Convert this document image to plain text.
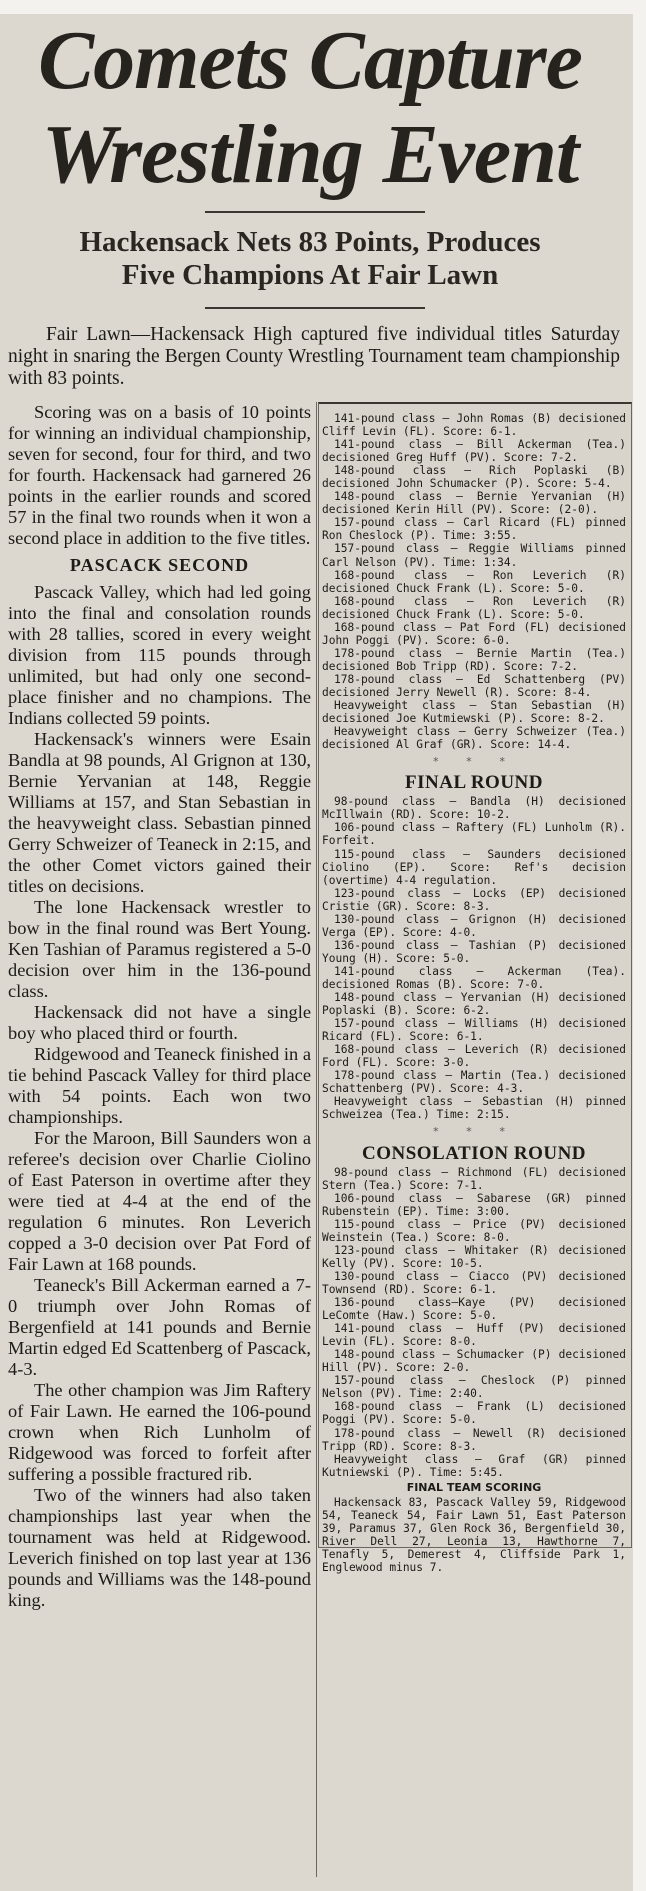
Comets Capture
Wrestling Event
Hackensack Nets 83 Points, Produces
Five Champions At Fair Lawn

Fair Lawn—Hackensack High captured five individual titles Saturday night in snaring the Bergen County Wrestling Tournament team championship with 83 points.

Scoring was on a basis of 10 points for winning an individual championship, seven for second, four for third, and two for fourth. Hackensack had garnered 26 points in the earlier rounds and scored 57 in the final two rounds when it won a second place in addition to the five titles.

PASCACK SECOND

Pascack Valley, which had led going into the final and consolation rounds with 28 tallies, scored in every weight division from 115 pounds through unlimited, but had only one second-place finisher and no champions. The Indians collected 59 points.

Hackensack's winners were Esain Bandla at 98 pounds, Al Grignon at 130, Bernie Yervanian at 148, Reggie Williams at 157, and Stan Sebastian in the heavyweight class. Sebastian pinned Gerry Schweizer of Teaneck in 2:15, and the other Comet victors gained their titles on decisions.

The lone Hackensack wrestler to bow in the final round was Bert Young. Ken Tashian of Paramus registered a 5-0 decision over him in the 136-pound class.

Hackensack did not have a single boy who placed third or fourth.

Ridgewood and Teaneck finished in a tie behind Pascack Valley for third place with 54 points. Each won two championships.

For the Maroon, Bill Saunders won a referee's decision over Charlie Ciolino of East Paterson in overtime after they were tied at 4-4 at the end of the regulation 6 minutes. Ron Leverich copped a 3-0 decision over Pat Ford of Fair Lawn at 168 pounds.

Teaneck's Bill Ackerman earned a 7-0 triumph over John Romas of Bergenfield at 141 pounds and Bernie Martin edged Ed Scattenberg of Pascack, 4-3.

The other champion was Jim Raftery of Fair Lawn. He earned the 106-pound crown when Rich Lunholm of Ridgewood was forced to forfeit after suffering a possible fractured rib.

Two of the winners had also taken championships last year when the tournament was held at Ridgewood. Leverich finished on top last year at 136 pounds and Williams was the 148-pound king.

141-pound class — John Romas (B) decisioned Cliff Levin (FL). Score: 6-1.

141-pound class — Bill Ackerman (Tea.) decisioned Greg Huff (PV). Score: 7-2.

148-pound class — Rich Poplaski (B) decisioned John Schumacker (P). Score: 5-4.

148-pound class — Bernie Yervanian (H) decisioned Kerin Hill (PV). Score: (2-0).

157-pound class — Carl Ricard (FL) pinned Ron Cheslock (P). Time: 3:55.

157-pound class — Reggie Williams pinned Carl Nelson (PV). Time: 1:34.

168-pound class — Ron Leverich (R) decisioned Chuck Frank (L). Score: 5-0.

168-pound class — Ron Leverich (R) decisioned Chuck Frank (L). Score: 5-0.

168-pound class — Pat Ford (FL) decisioned John Poggi (PV). Score: 6-0.

178-pound class — Bernie Martin (Tea.) decisioned Bob Tripp (RD). Score: 7-2.

178-pound class — Ed Schattenberg (PV) decisioned Jerry Newell (R). Score: 8-4.

Heavyweight class — Stan Sebastian (H) decisioned Joe Kutmiewski (P). Score: 8-2.

Heavyweight class — Gerry Schweizer (Tea.) decisioned Al Graf (GR). Score: 14-4.

* * *
FINAL ROUND

98-pound class — Bandla (H) decisioned McIllwain (RD). Score: 10-2.

106-pound class — Raftery (FL) Lunholm (R). Forfeit.

115-pound class — Saunders decisioned Ciolino (EP). Score: Ref's decision (overtime) 4-4 regulation.

123-pound class — Locks (EP) decisioned Cristie (GR). Score: 8-3.

130-pound class — Grignon (H) decisioned Verga (EP). Score: 4-0.

136-pound class — Tashian (P) decisioned Young (H). Score: 5-0.

141-pound class — Ackerman (Tea). decisioned Romas (B). Score: 7-0.

148-pound class — Yervanian (H) decisioned Poplaski (B). Score: 6-2.

157-pound class — Williams (H) decisioned Ricard (FL). Score: 6-1.

168-pound class — Leverich (R) decisioned Ford (FL). Score: 3-0.

178-pound class — Martin (Tea.) decisioned Schattenberg (PV). Score: 4-3.

Heavyweight class — Sebastian (H) pinned Schweizea (Tea.) Time: 2:15.

* * *
CONSOLATION ROUND

98-pound class — Richmond (FL) decisioned Stern (Tea.) Score: 7-1.

106-pound class — Sabarese (GR) pinned Rubenstein (EP). Time: 3:00.

115-pound class — Price (PV) decisioned Weinstein (Tea.) Score: 8-0.

123-pound class — Whitaker (R) decisioned Kelly (PV). Score: 10-5.

130-pound class — Ciacco (PV) decisioned Townsend (RD). Score: 6-1.

136-pound class—Kaye (PV) decisioned LeComte (Haw.) Score: 5-0.

141-pound class — Huff (PV) decisioned Levin (FL). Score: 8-0.

148-pound class — Schumacker (P) decisioned Hill (PV). Score: 2-0.

157-pound class — Cheslock (P) pinned Nelson (PV). Time: 2:40.

168-pound class — Frank (L) decisioned Poggi (PV). Score: 5-0.

178-pound class — Newell (R) decisioned Tripp (RD). Score: 8-3.

Heavyweight class — Graf (GR) pinned Kutniewski (P). Time: 5:45.

FINAL TEAM SCORING

Hackensack 83, Pascack Valley 59, Ridgewood 54, Teaneck 54, Fair Lawn 51, East Paterson 39, Paramus 37, Glen Rock 36, Bergenfield 30, River Dell 27, Leonia 13, Hawthorne 7, Tenafly 5, Demerest 4, Cliffside Park 1, Englewood minus 7.
